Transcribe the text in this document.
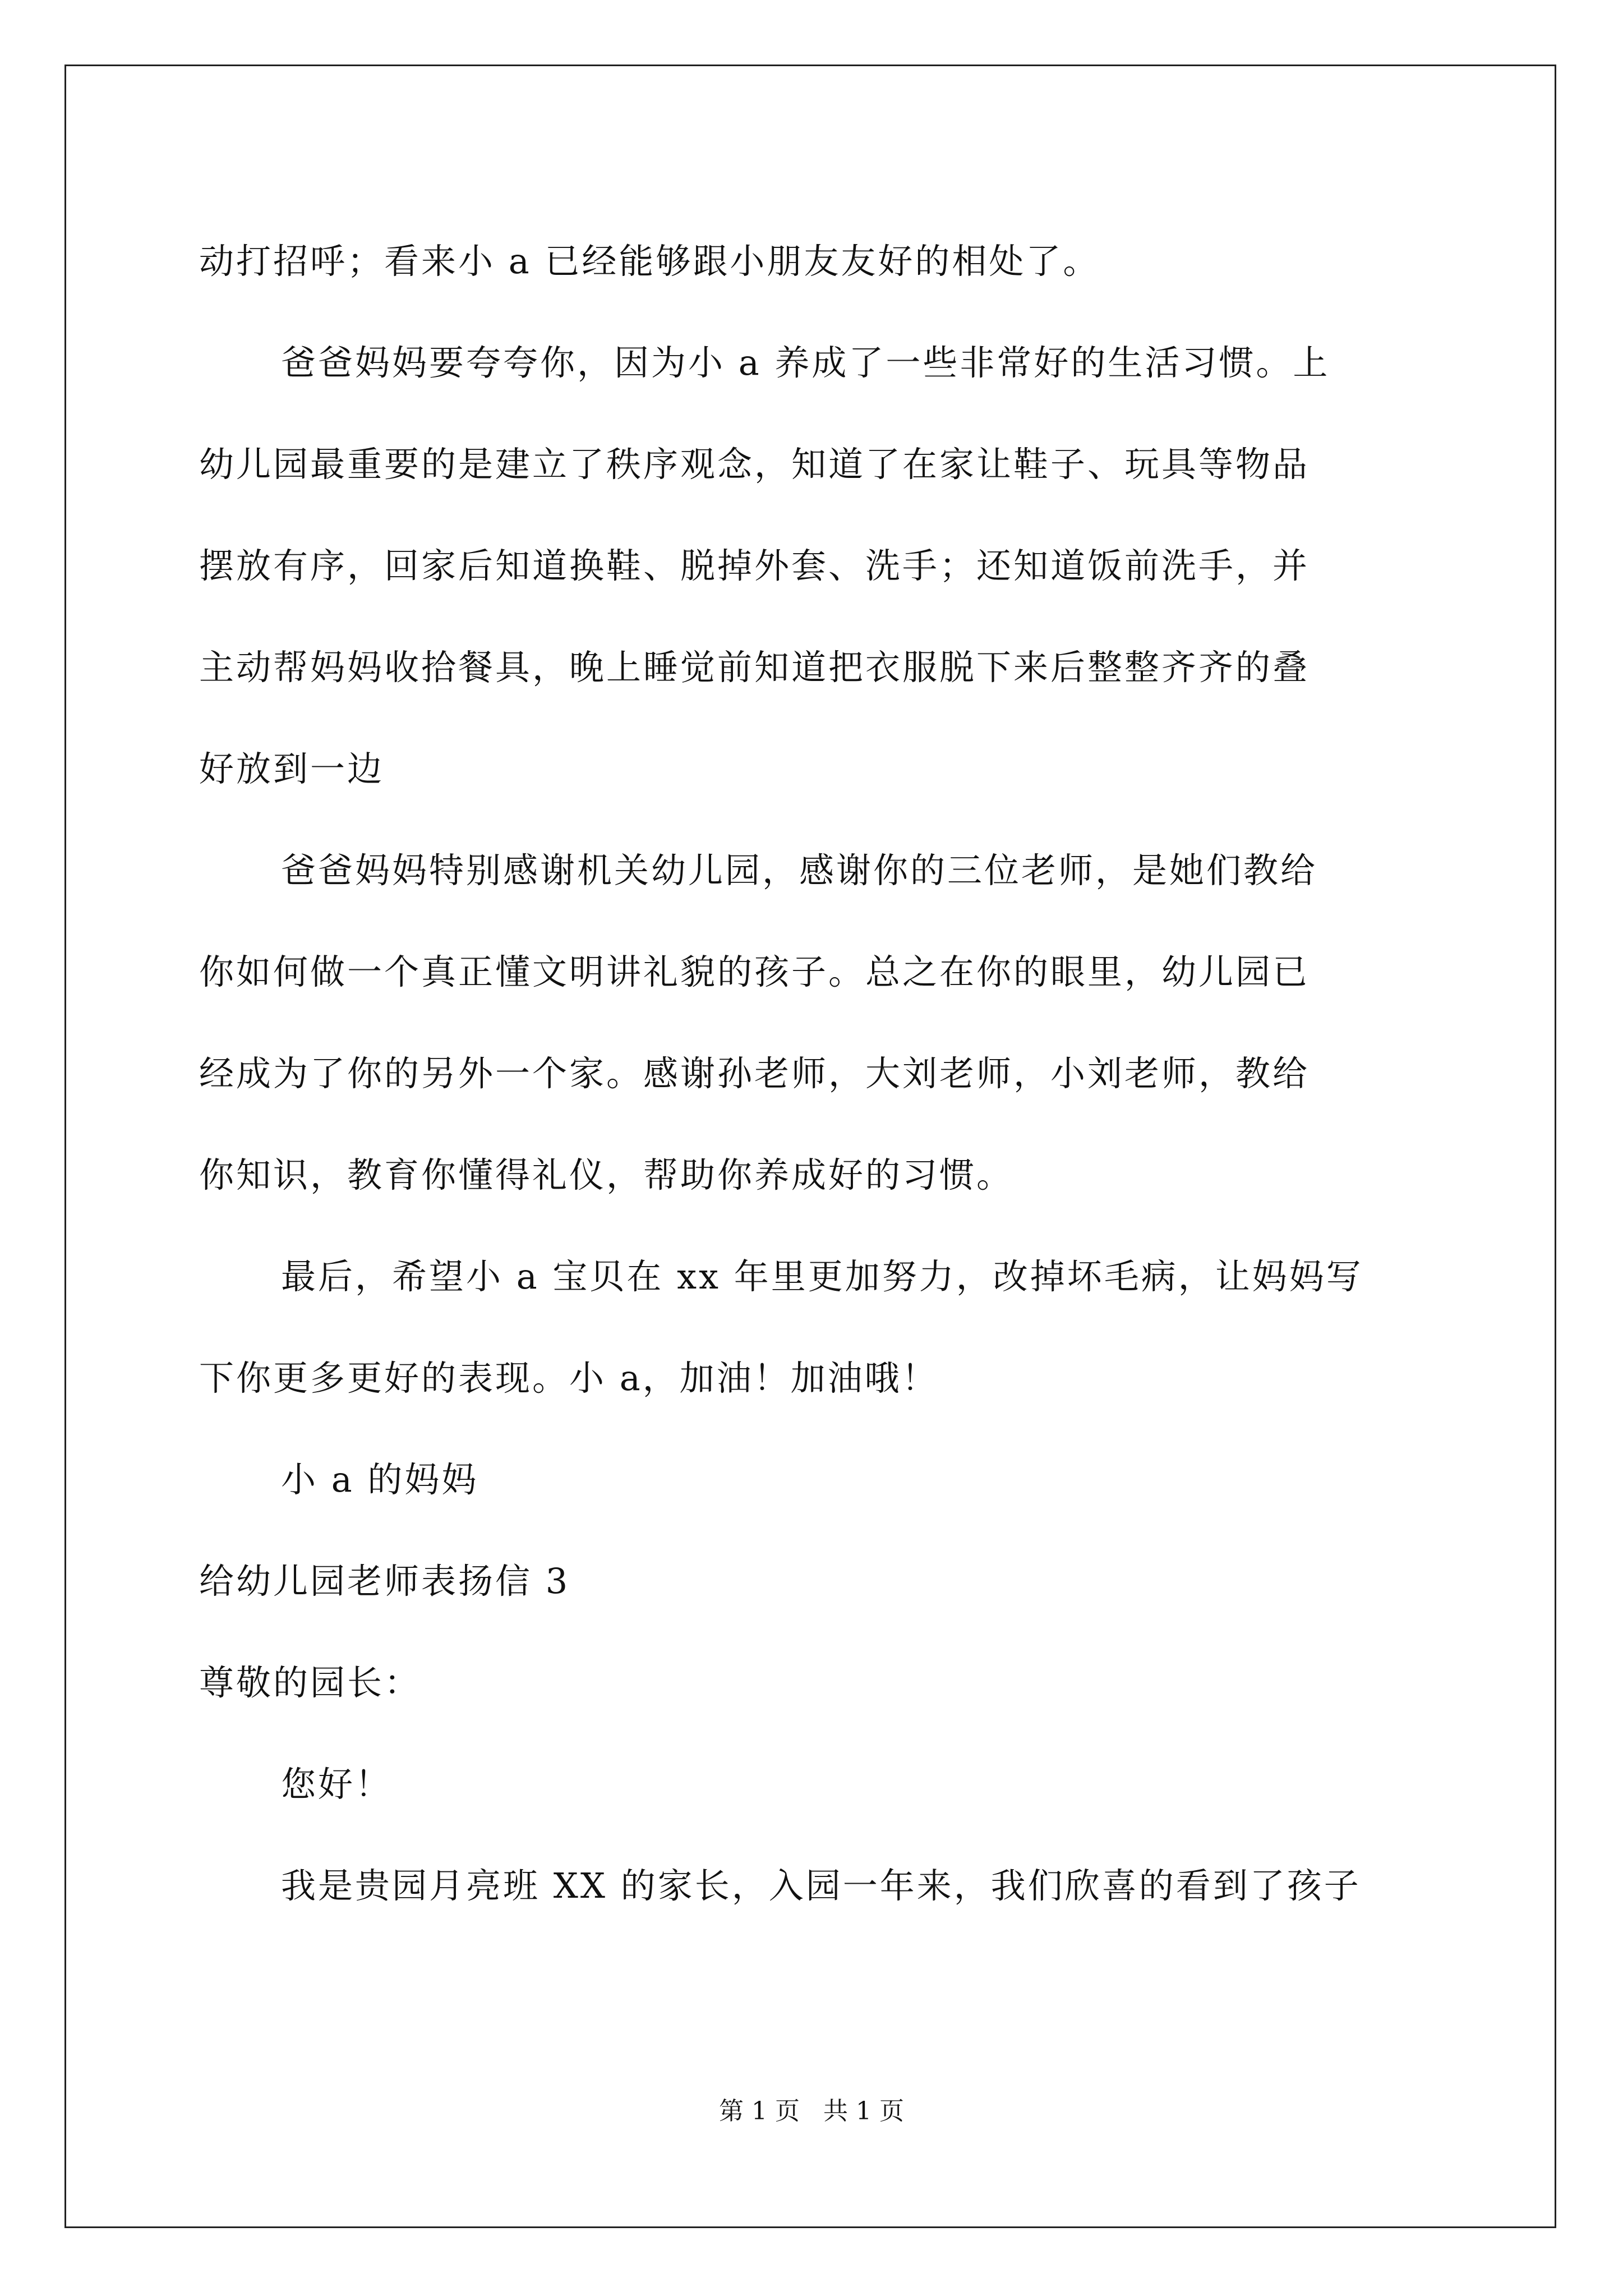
动打招呼；看来小 a 已经能够跟小朋友友好的相处了。

爸爸妈妈要夸夸你，因为小 a 养成了一些非常好的生活习惯。上

幼儿园最重要的是建立了秩序观念，知道了在家让鞋子、玩具等物品

摆放有序，回家后知道换鞋、脱掉外套、洗手；还知道饭前洗手，并

主动帮妈妈收拾餐具，晚上睡觉前知道把衣服脱下来后整整齐齐的叠

好放到一边

爸爸妈妈特别感谢机关幼儿园，感谢你的三位老师，是她们教给

你如何做一个真正懂文明讲礼貌的孩子。总之在你的眼里，幼儿园已

经成为了你的另外一个家。感谢孙老师，大刘老师，小刘老师，教给

你知识，教育你懂得礼仪，帮助你养成好的习惯。

最后，希望小 a 宝贝在 xx 年里更加努力，改掉坏毛病，让妈妈写

下你更多更好的表现。小 a，加油！加油哦！

小 a 的妈妈

给幼儿园老师表扬信 3

尊敬的园长：

您好！

我是贵园月亮班 XX 的家长，入园一年来，我们欣喜的看到了孩子

第 1 页   共 1 页
